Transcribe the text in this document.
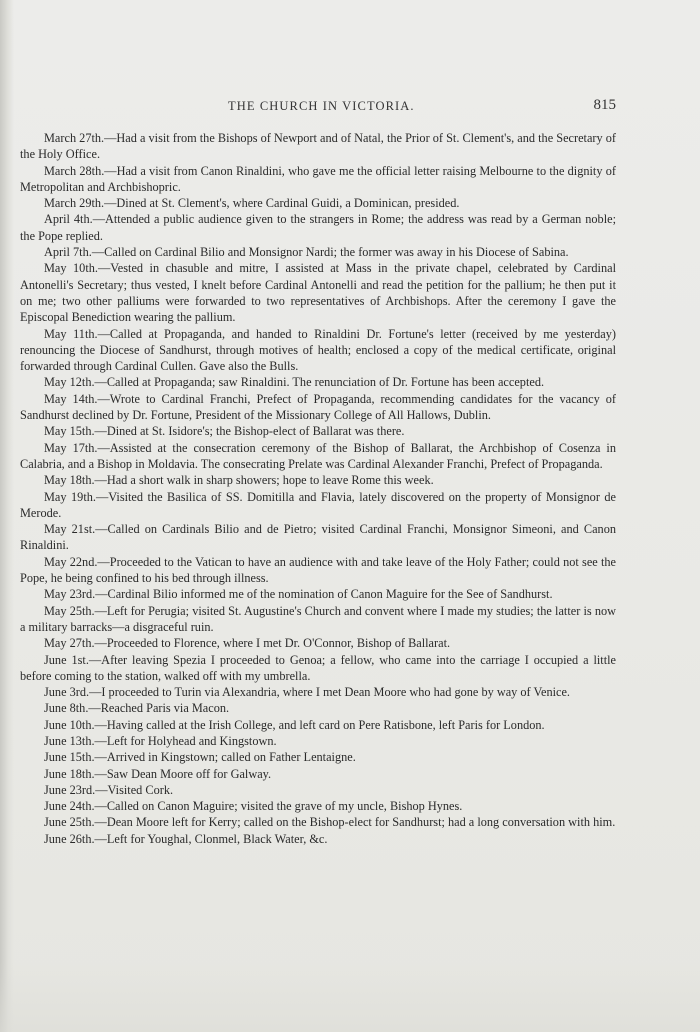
THE CHURCH IN VICTORIA.	815

March 27th.—Had a visit from the Bishops of Newport and of Natal, the Prior of St. Clement's, and the Secretary of the Holy Office.

March 28th.—Had a visit from Canon Rinaldini, who gave me the official letter raising Melbourne to the dignity of Metropolitan and Archbishopric.

March 29th.—Dined at St. Clement's, where Cardinal Guidi, a Dominican, presided.

April 4th.—Attended a public audience given to the strangers in Rome; the address was read by a German noble; the Pope replied.

April 7th.—Called on Cardinal Bilio and Monsignor Nardi; the former was away in his Diocese of Sabina.

May 10th.—Vested in chasuble and mitre, I assisted at Mass in the private chapel, celebrated by Cardinal Antonelli's Secretary; thus vested, I knelt before Cardinal Antonelli and read the petition for the pallium; he then put it on me; two other palliums were forwarded to two representatives of Archbishops. After the ceremony I gave the Episcopal Benediction wearing the pallium.

May 11th.—Called at Propaganda, and handed to Rinaldini Dr. Fortune's letter (received by me yesterday) renouncing the Diocese of Sandhurst, through motives of health; enclosed a copy of the medical certificate, original forwarded through Cardinal Cullen. Gave also the Bulls.

May 12th.—Called at Propaganda; saw Rinaldini. The renunciation of Dr. Fortune has been accepted.

May 14th.—Wrote to Cardinal Franchi, Prefect of Propaganda, recommending candidates for the vacancy of Sandhurst declined by Dr. Fortune, President of the Missionary College of All Hallows, Dublin.

May 15th.—Dined at St. Isidore's; the Bishop-elect of Ballarat was there.

May 17th.—Assisted at the consecration ceremony of the Bishop of Ballarat, the Archbishop of Cosenza in Calabria, and a Bishop in Moldavia. The consecrating Prelate was Cardinal Alexander Franchi, Prefect of Propaganda.

May 18th.—Had a short walk in sharp showers; hope to leave Rome this week.

May 19th.—Visited the Basilica of SS. Domitilla and Flavia, lately discovered on the property of Monsignor de Merode.

May 21st.—Called on Cardinals Bilio and de Pietro; visited Cardinal Franchi, Monsignor Simeoni, and Canon Rinaldini.

May 22nd.—Proceeded to the Vatican to have an audience with and take leave of the Holy Father; could not see the Pope, he being confined to his bed through illness.

May 23rd.—Cardinal Bilio informed me of the nomination of Canon Maguire for the See of Sandhurst.

May 25th.—Left for Perugia; visited St. Augustine's Church and convent where I made my studies; the latter is now a military barracks—a disgraceful ruin.

May 27th.—Proceeded to Florence, where I met Dr. O'Connor, Bishop of Ballarat.

June 1st.—After leaving Spezia I proceeded to Genoa; a fellow, who came into the carriage I occupied a little before coming to the station, walked off with my umbrella.

June 3rd.—I proceeded to Turin via Alexandria, where I met Dean Moore who had gone by way of Venice.

June 8th.—Reached Paris via Macon.

June 10th.—Having called at the Irish College, and left card on Pere Ratisbone, left Paris for London.

June 13th.—Left for Holyhead and Kingstown.

June 15th.—Arrived in Kingstown; called on Father Lentaigne.

June 18th.—Saw Dean Moore off for Galway.

June 23rd.—Visited Cork.

June 24th.—Called on Canon Maguire; visited the grave of my uncle, Bishop Hynes.

June 25th.—Dean Moore left for Kerry; called on the Bishop-elect for Sandhurst; had a long conversation with him.

June 26th.—Left for Youghal, Clonmel, Black Water, &c.
